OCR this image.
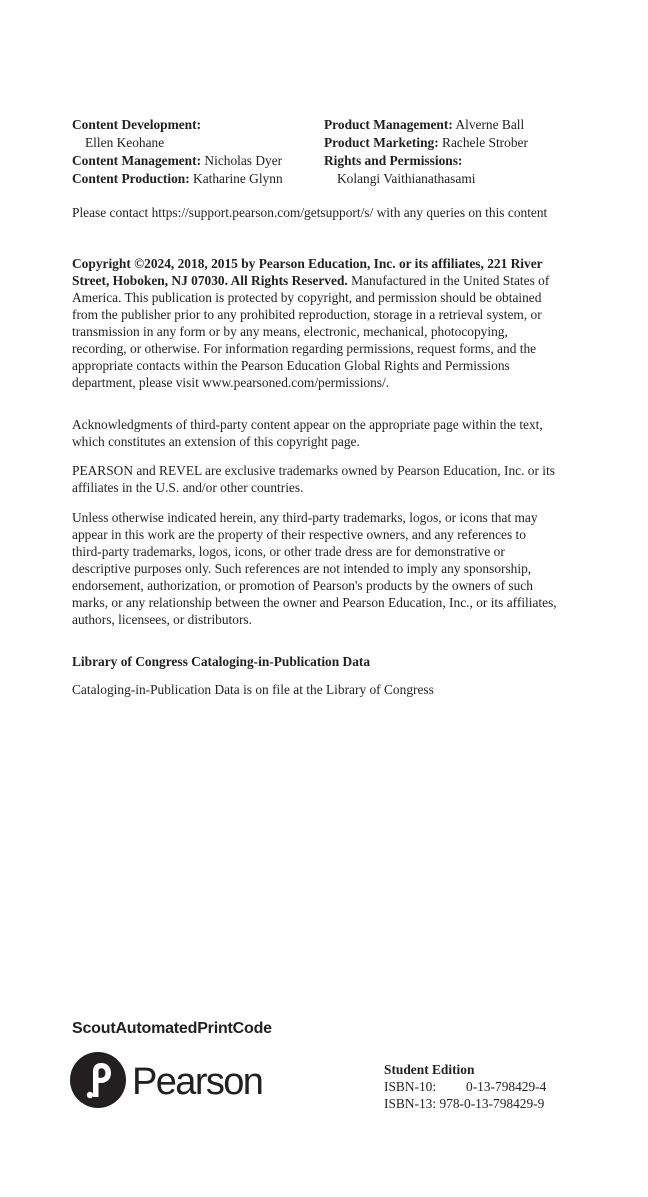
Content Development:
Ellen Keohane
Content Management: Nicholas Dyer
Content Production: Katharine Glynn
Product Management: Alverne Ball
Product Marketing: Rachele Strober
Rights and Permissions:
Kolangi Vaithianathasami

Please contact https://support.pearson.com/getsupport/s/ with any queries on this content

Copyright ©2024, 2018, 2015 by Pearson Education, Inc. or its affiliates, 221 River Street, Hoboken, NJ 07030. All Rights Reserved. Manufactured in the United States of America. This publication is protected by copyright, and permission should be obtained from the publisher prior to any prohibited reproduction, storage in a retrieval system, or transmission in any form or by any means, electronic, mechanical, photocopying, recording, or otherwise. For information regarding permissions, request forms, and the appropriate contacts within the Pearson Education Global Rights and Permissions department, please visit www.pearsoned.com/permissions/.

Acknowledgments of third-party content appear on the appropriate page within the text, which constitutes an extension of this copyright page.

PEARSON and REVEL are exclusive trademarks owned by Pearson Education, Inc. or its affiliates in the U.S. and/or other countries.

Unless otherwise indicated herein, any third-party trademarks, logos, or icons that may appear in this work are the property of their respective owners, and any references to third-party trademarks, logos, icons, or other trade dress are for demonstrative or descriptive purposes only. Such references are not intended to imply any sponsorship, endorsement, authorization, or promotion of Pearson's products by the owners of such marks, or any relationship between the owner and Pearson Education, Inc., or its affiliates, authors, licensees, or distributors.

Library of Congress Cataloging-in-Publication Data

Cataloging-in-Publication Data is on file at the Library of Congress

ScoutAutomatedPrintCode
Pearson	Student Edition
ISBN-10: 0-13-798429-4
ISBN-13: 978-0-13-798429-9
